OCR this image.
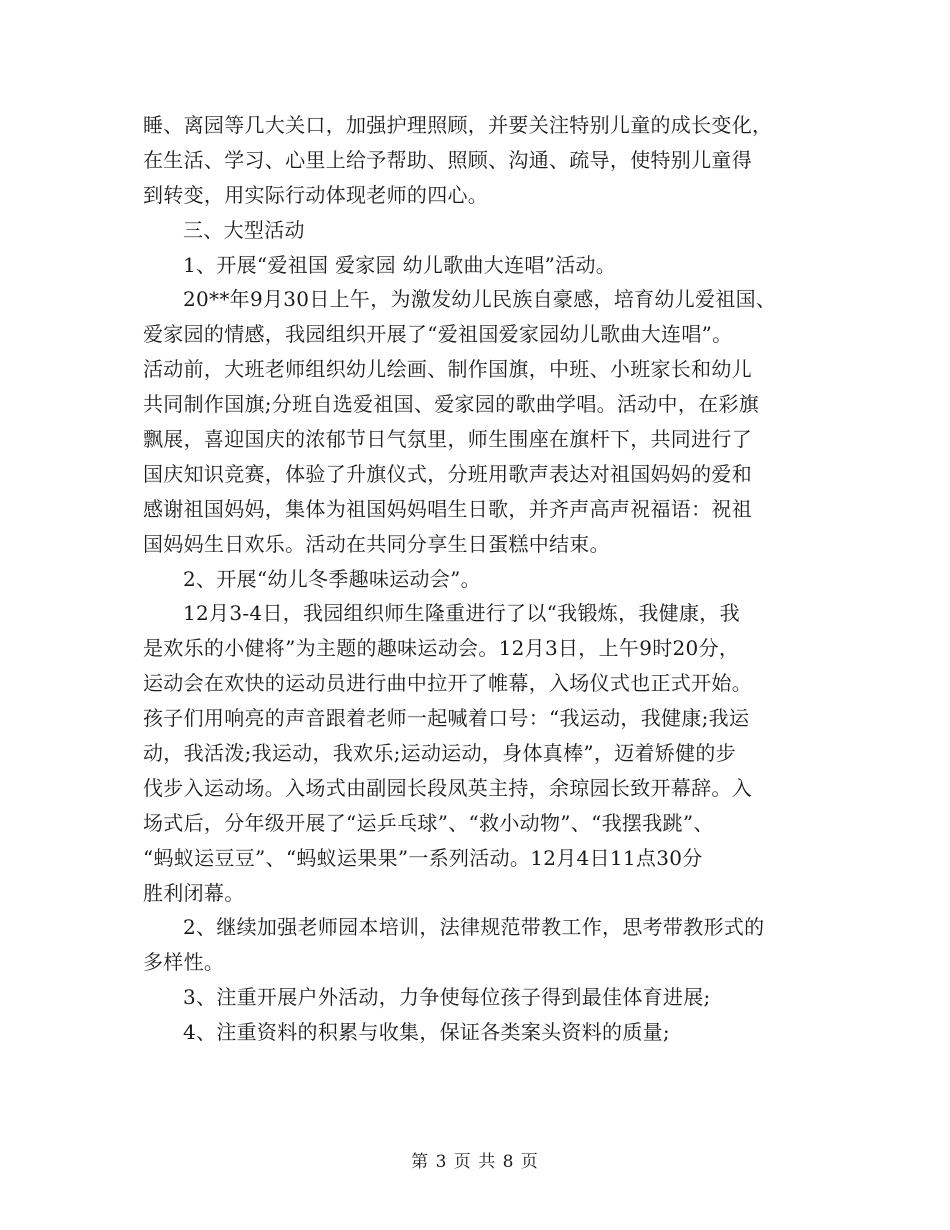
睡、离园等几大关口，加强护理照顾，并要关注特别儿童的成长变化，
在生活、学习、心里上给予帮助、照顾、沟通、疏导，使特别儿童得
到转变，用实际行动体现老师的四心。
三、大型活动
1、开展“爱祖国 爱家园 幼儿歌曲大连唱”活动。
20**年9月30日上午，为激发幼儿民族自豪感，培育幼儿爱祖国、
爱家园的情感，我园组织开展了“爱祖国爱家园幼儿歌曲大连唱”。
活动前，大班老师组织幼儿绘画、制作国旗，中班、小班家长和幼儿
共同制作国旗;分班自选爱祖国、爱家园的歌曲学唱。活动中，在彩旗
飘展，喜迎国庆的浓郁节日气氛里，师生围座在旗杆下，共同进行了
国庆知识竞赛，体验了升旗仪式，分班用歌声表达对祖国妈妈的爱和
感谢祖国妈妈，集体为祖国妈妈唱生日歌，并齐声高声祝福语：祝祖
国妈妈生日欢乐。活动在共同分享生日蛋糕中结束。
2、开展“幼儿冬季趣味运动会”。
12月3-4日，我园组织师生隆重进行了以“我锻炼，我健康，我
是欢乐的小健将”为主题的趣味运动会。12月3日，上午9时20分，
运动会在欢快的运动员进行曲中拉开了帷幕，入场仪式也正式开始。
孩子们用响亮的声音跟着老师一起喊着口号：“我运动，我健康;我运
动，我活泼;我运动，我欢乐;运动运动，身体真棒”，迈着矫健的步
伐步入运动场。入场式由副园长段凤英主持，余琼园长致开幕辞。入
场式后，分年级开展了“运乒乓球”、“救小动物”、“我摆我跳”、
“蚂蚁运豆豆”、“蚂蚁运果果”一系列活动。12月4日11点30分
胜利闭幕。
2、继续加强老师园本培训，法律规范带教工作，思考带教形式的
多样性。
3、注重开展户外活动，力争使每位孩子得到最佳体育进展;
4、注重资料的积累与收集，保证各类案头资料的质量;
第 3 页 共 8 页
